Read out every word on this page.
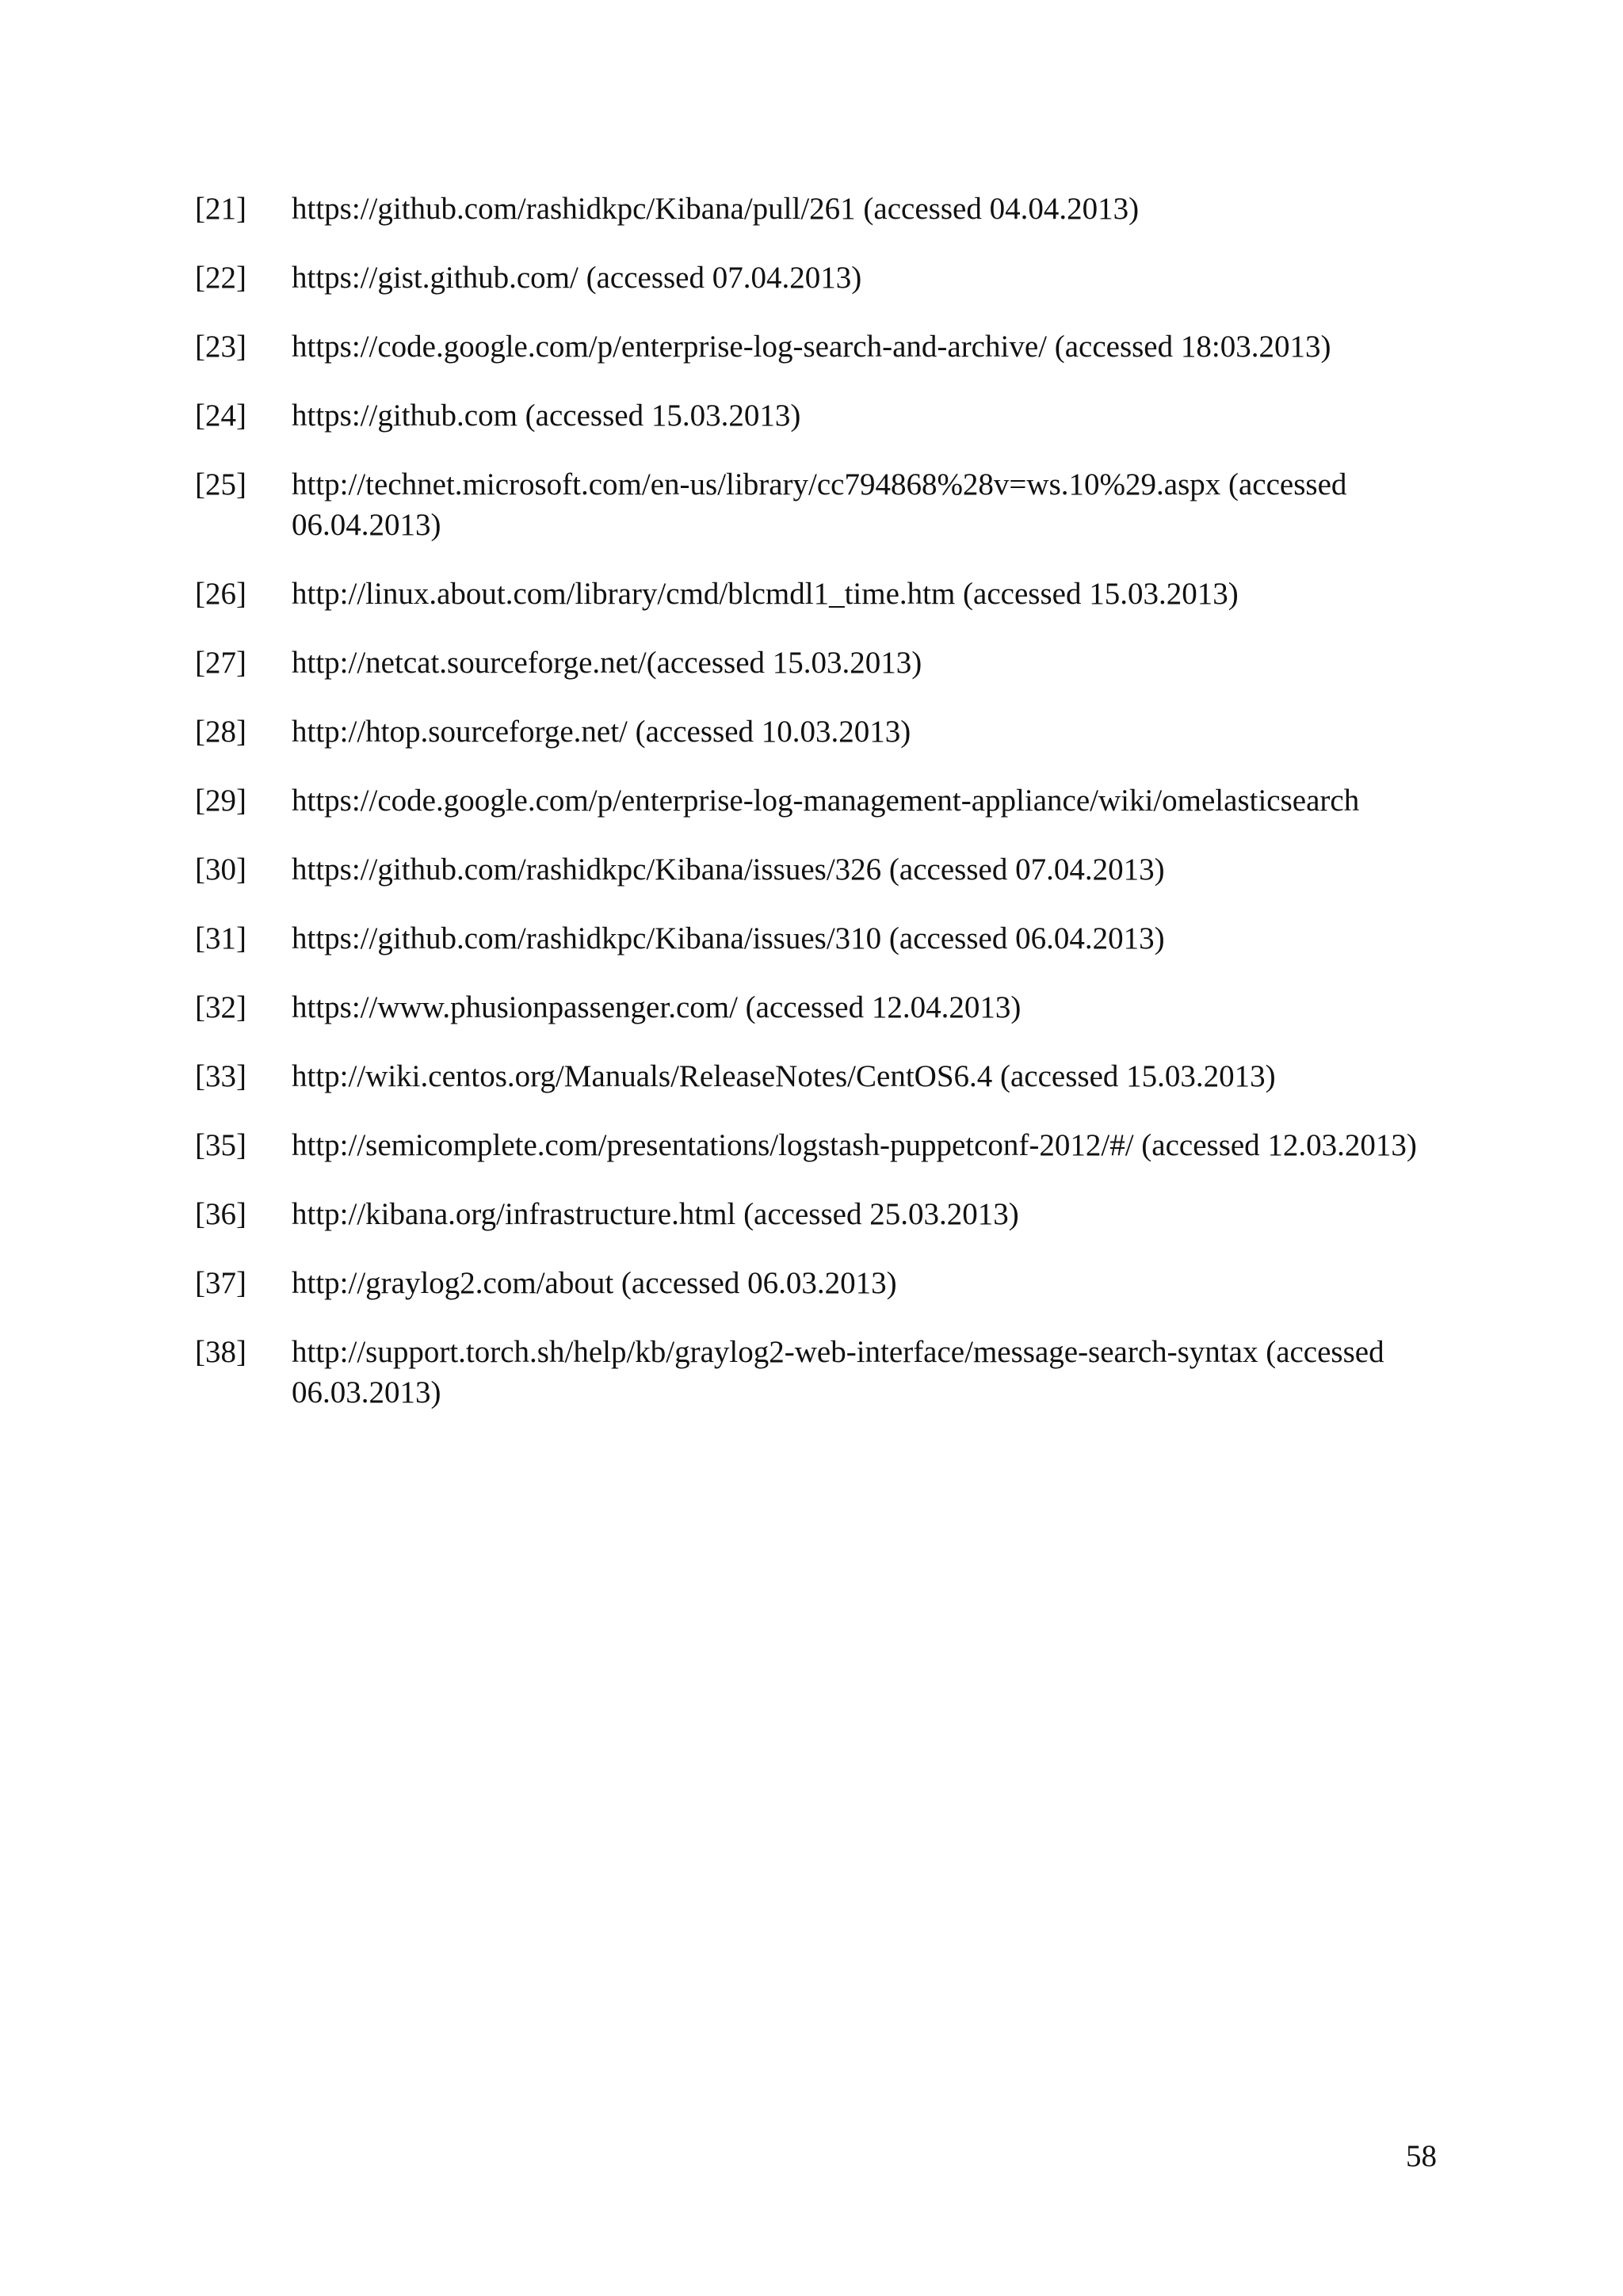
[21]	https://github.com/rashidkpc/Kibana/pull/261 (accessed 04.04.2013)
[22]	https://gist.github.com/ (accessed 07.04.2013)
[23]	https://code.google.com/p/enterprise-log-search-and-archive/ (accessed 18:03.2013)
[24]	https://github.com (accessed 15.03.2013)
[25]	http://technet.microsoft.com/en-us/library/cc794868%28v=ws.10%29.aspx (accessed 06.04.2013)
[26]	http://linux.about.com/library/cmd/blcmdl1_time.htm (accessed 15.03.2013)
[27]	http://netcat.sourceforge.net/(accessed 15.03.2013)
[28]	http://htop.sourceforge.net/ (accessed 10.03.2013)
[29]	https://code.google.com/p/enterprise-log-management-appliance/wiki/omelasticsearch
[30]	https://github.com/rashidkpc/Kibana/issues/326 (accessed 07.04.2013)
[31]	https://github.com/rashidkpc/Kibana/issues/310 (accessed 06.04.2013)
[32]	https://www.phusionpassenger.com/ (accessed 12.04.2013)
[33]	http://wiki.centos.org/Manuals/ReleaseNotes/CentOS6.4 (accessed 15.03.2013)
[35]	http://semicomplete.com/presentations/logstash-puppetconf-2012/#/ (accessed 12.03.2013)
[36]	http://kibana.org/infrastructure.html (accessed 25.03.2013)
[37]	http://graylog2.com/about (accessed 06.03.2013)
[38]	http://support.torch.sh/help/kb/graylog2-web-interface/message-search-syntax (accessed 06.03.2013)
58
